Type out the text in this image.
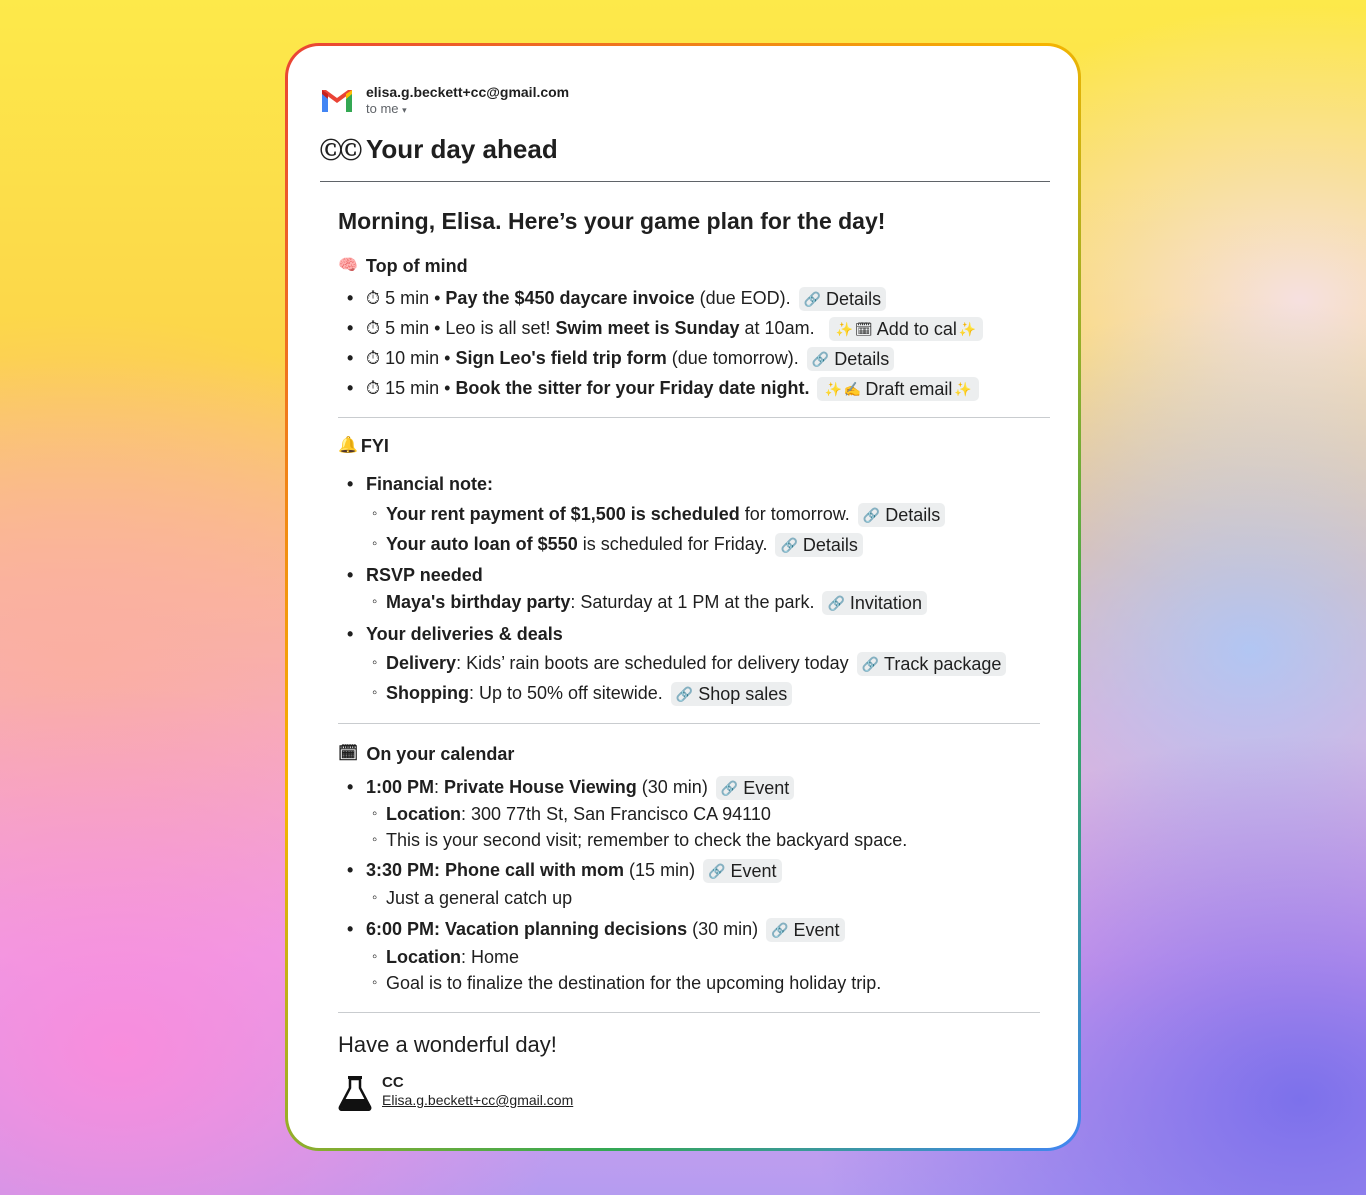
elisa.g.beckett+cc@gmail.com
to me ▾
ⒸⒸ Your day ahead

Morning, Elisa. Here’s your game plan for the day!

🧠 Top of mind
• ⏱ 5 min • Pay the $450 daycare invoice (due EOD). 🔗 Details
• ⏱ 5 min • Leo is all set! Swim meet is Sunday at 10am. ✨ 🗓 Add to cal ✨
• ⏱ 10 min • Sign Leo's field trip form (due tomorrow). 🔗 Details
• ⏱ 15 min • Book the sitter for your Friday date night. ✨ ✍ Draft email ✨
🔔 FYI
• Financial note:
◦ Your rent payment of $1,500 is scheduled for tomorrow. 🔗 Details
◦ Your auto loan of $550 is scheduled for Friday. 🔗 Details
• RSVP needed
◦ Maya's birthday party: Saturday at 1 PM at the park. 🔗 Invitation
• Your deliveries & deals
◦ Delivery: Kids’ rain boots are scheduled for delivery today 🔗 Track package
◦ Shopping: Up to 50% off sitewide. 🔗 Shop sales
🗓 On your calendar
• 1:00 PM: Private House Viewing (30 min) 🔗 Event
◦ Location: 300 77th St, San Francisco CA 94110
◦ This is your second visit; remember to check the backyard space.
• 3:30 PM: Phone call with mom (15 min) 🔗 Event
◦ Just a general catch up
• 6:00 PM: Vacation planning decisions (30 min) 🔗 Event
◦ Location: Home
◦ Goal is to finalize the destination for the upcoming holiday trip.
Have a wonderful day!
CC
Elisa.g.beckett+cc@gmail.com
